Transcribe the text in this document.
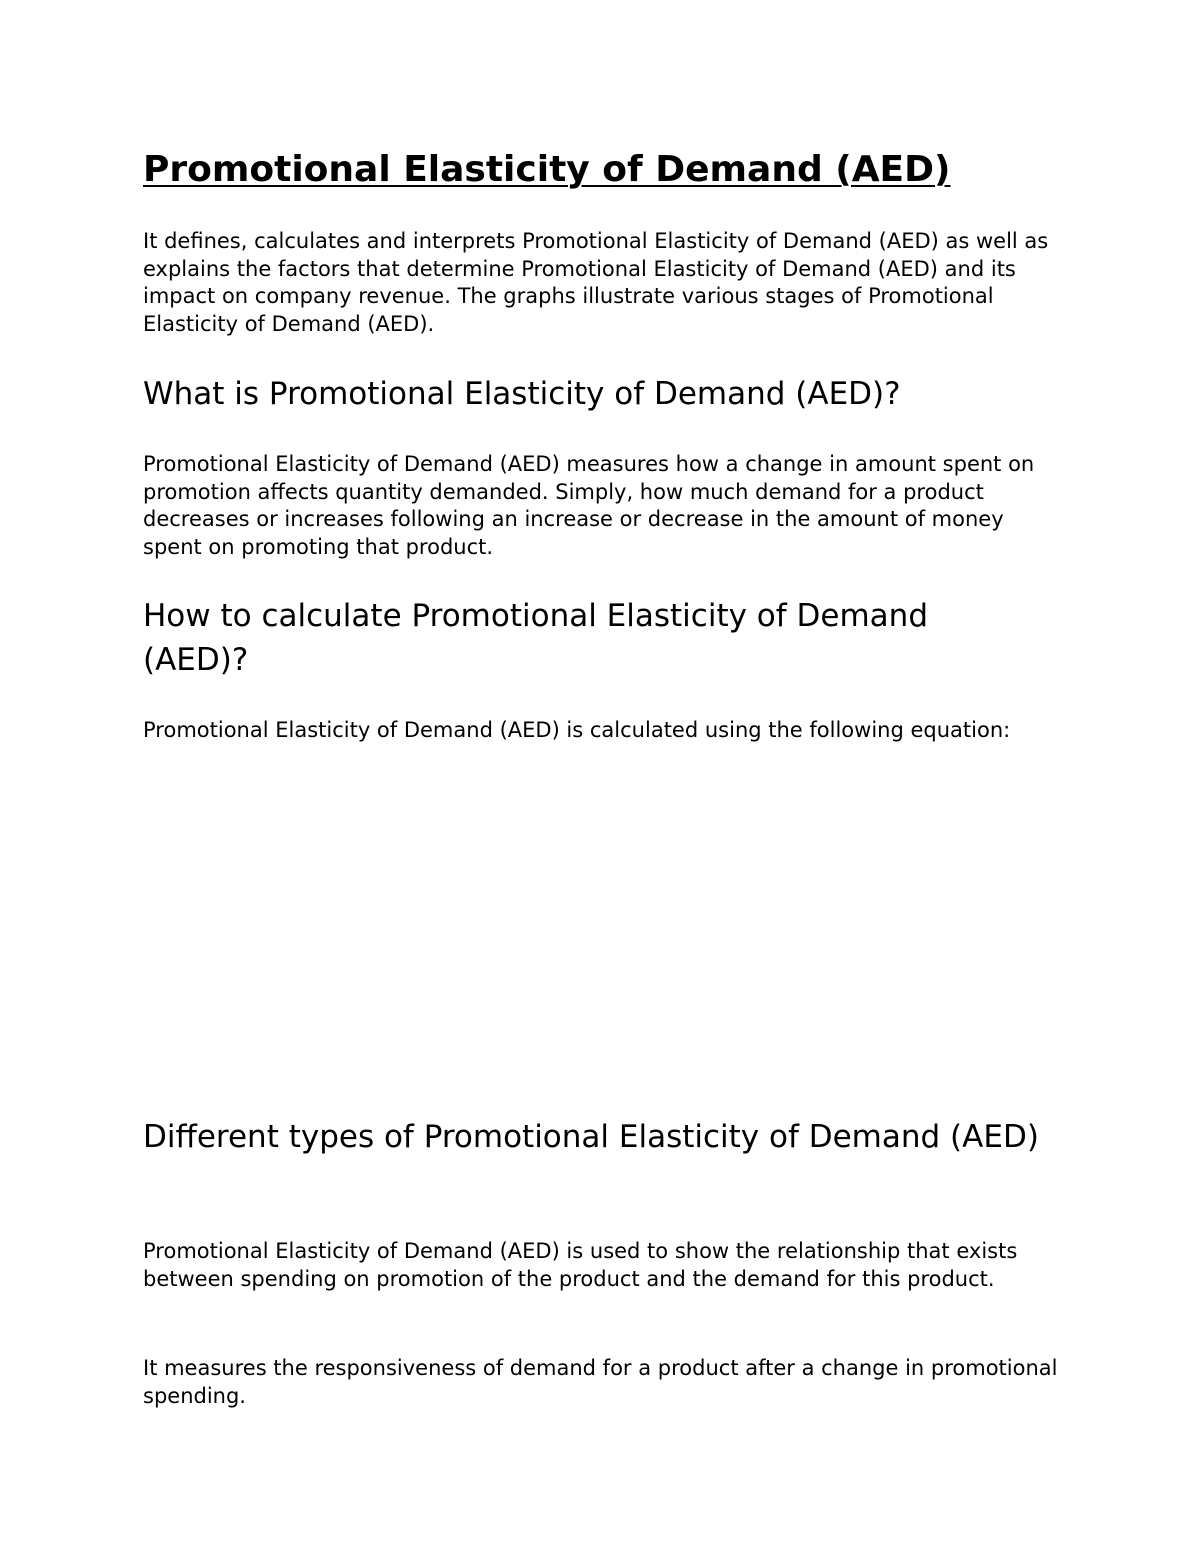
Promotional Elasticity of Demand (AED)

It defines, calculates and interprets Promotional Elasticity of Demand (AED) as well as explains the factors that determine Promotional Elasticity of Demand (AED) and its impact on company revenue. The graphs illustrate various stages of Promotional Elasticity of Demand (AED).

What is Promotional Elasticity of Demand (AED)?

Promotional Elasticity of Demand (AED) measures how a change in amount spent on promotion affects quantity demanded. Simply, how much demand for a product decreases or increases following an increase or decrease in the amount of money spent on promoting that product.

How to calculate Promotional Elasticity of Demand (AED)?

Promotional Elasticity of Demand (AED) is calculated using the following equation:

Different types of Promotional Elasticity of Demand (AED)

Promotional Elasticity of Demand (AED) is used to show the relationship that exists between spending on promotion of the product and the demand for this product.

It measures the responsiveness of demand for a product after a change in promotional spending.
